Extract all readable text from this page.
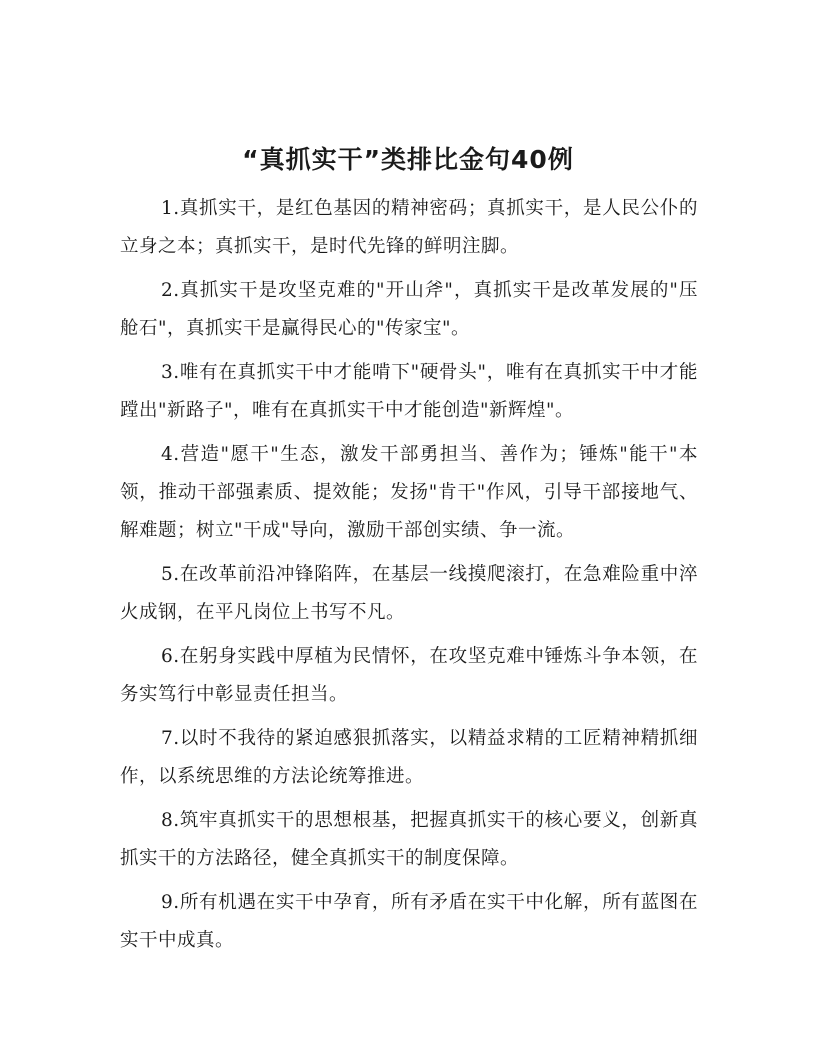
“真抓实干”类排比金句40例

1.真抓实干，是红色基因的精神密码；真抓实干，是人民公仆的立身之本；真抓实干，是时代先锋的鲜明注脚。

2.真抓实干是攻坚克难的"开山斧"，真抓实干是改革发展的"压舱石"，真抓实干是赢得民心的"传家宝"。

3.唯有在真抓实干中才能啃下"硬骨头"，唯有在真抓实干中才能蹚出"新路子"，唯有在真抓实干中才能创造"新辉煌"。

4.营造"愿干"生态，激发干部勇担当、善作为；锤炼"能干"本领，推动干部强素质、提效能；发扬"肯干"作风，引导干部接地气、解难题；树立"干成"导向，激励干部创实绩、争一流。

5.在改革前沿冲锋陷阵，在基层一线摸爬滚打，在急难险重中淬火成钢，在平凡岗位上书写不凡。

6.在躬身实践中厚植为民情怀，在攻坚克难中锤炼斗争本领，在务实笃行中彰显责任担当。

7.以时不我待的紧迫感狠抓落实，以精益求精的工匠精神精抓细作，以系统思维的方法论统筹推进。

8.筑牢真抓实干的思想根基，把握真抓实干的核心要义，创新真抓实干的方法路径，健全真抓实干的制度保障。

9.所有机遇在实干中孕育，所有矛盾在实干中化解，所有蓝图在实干中成真。
